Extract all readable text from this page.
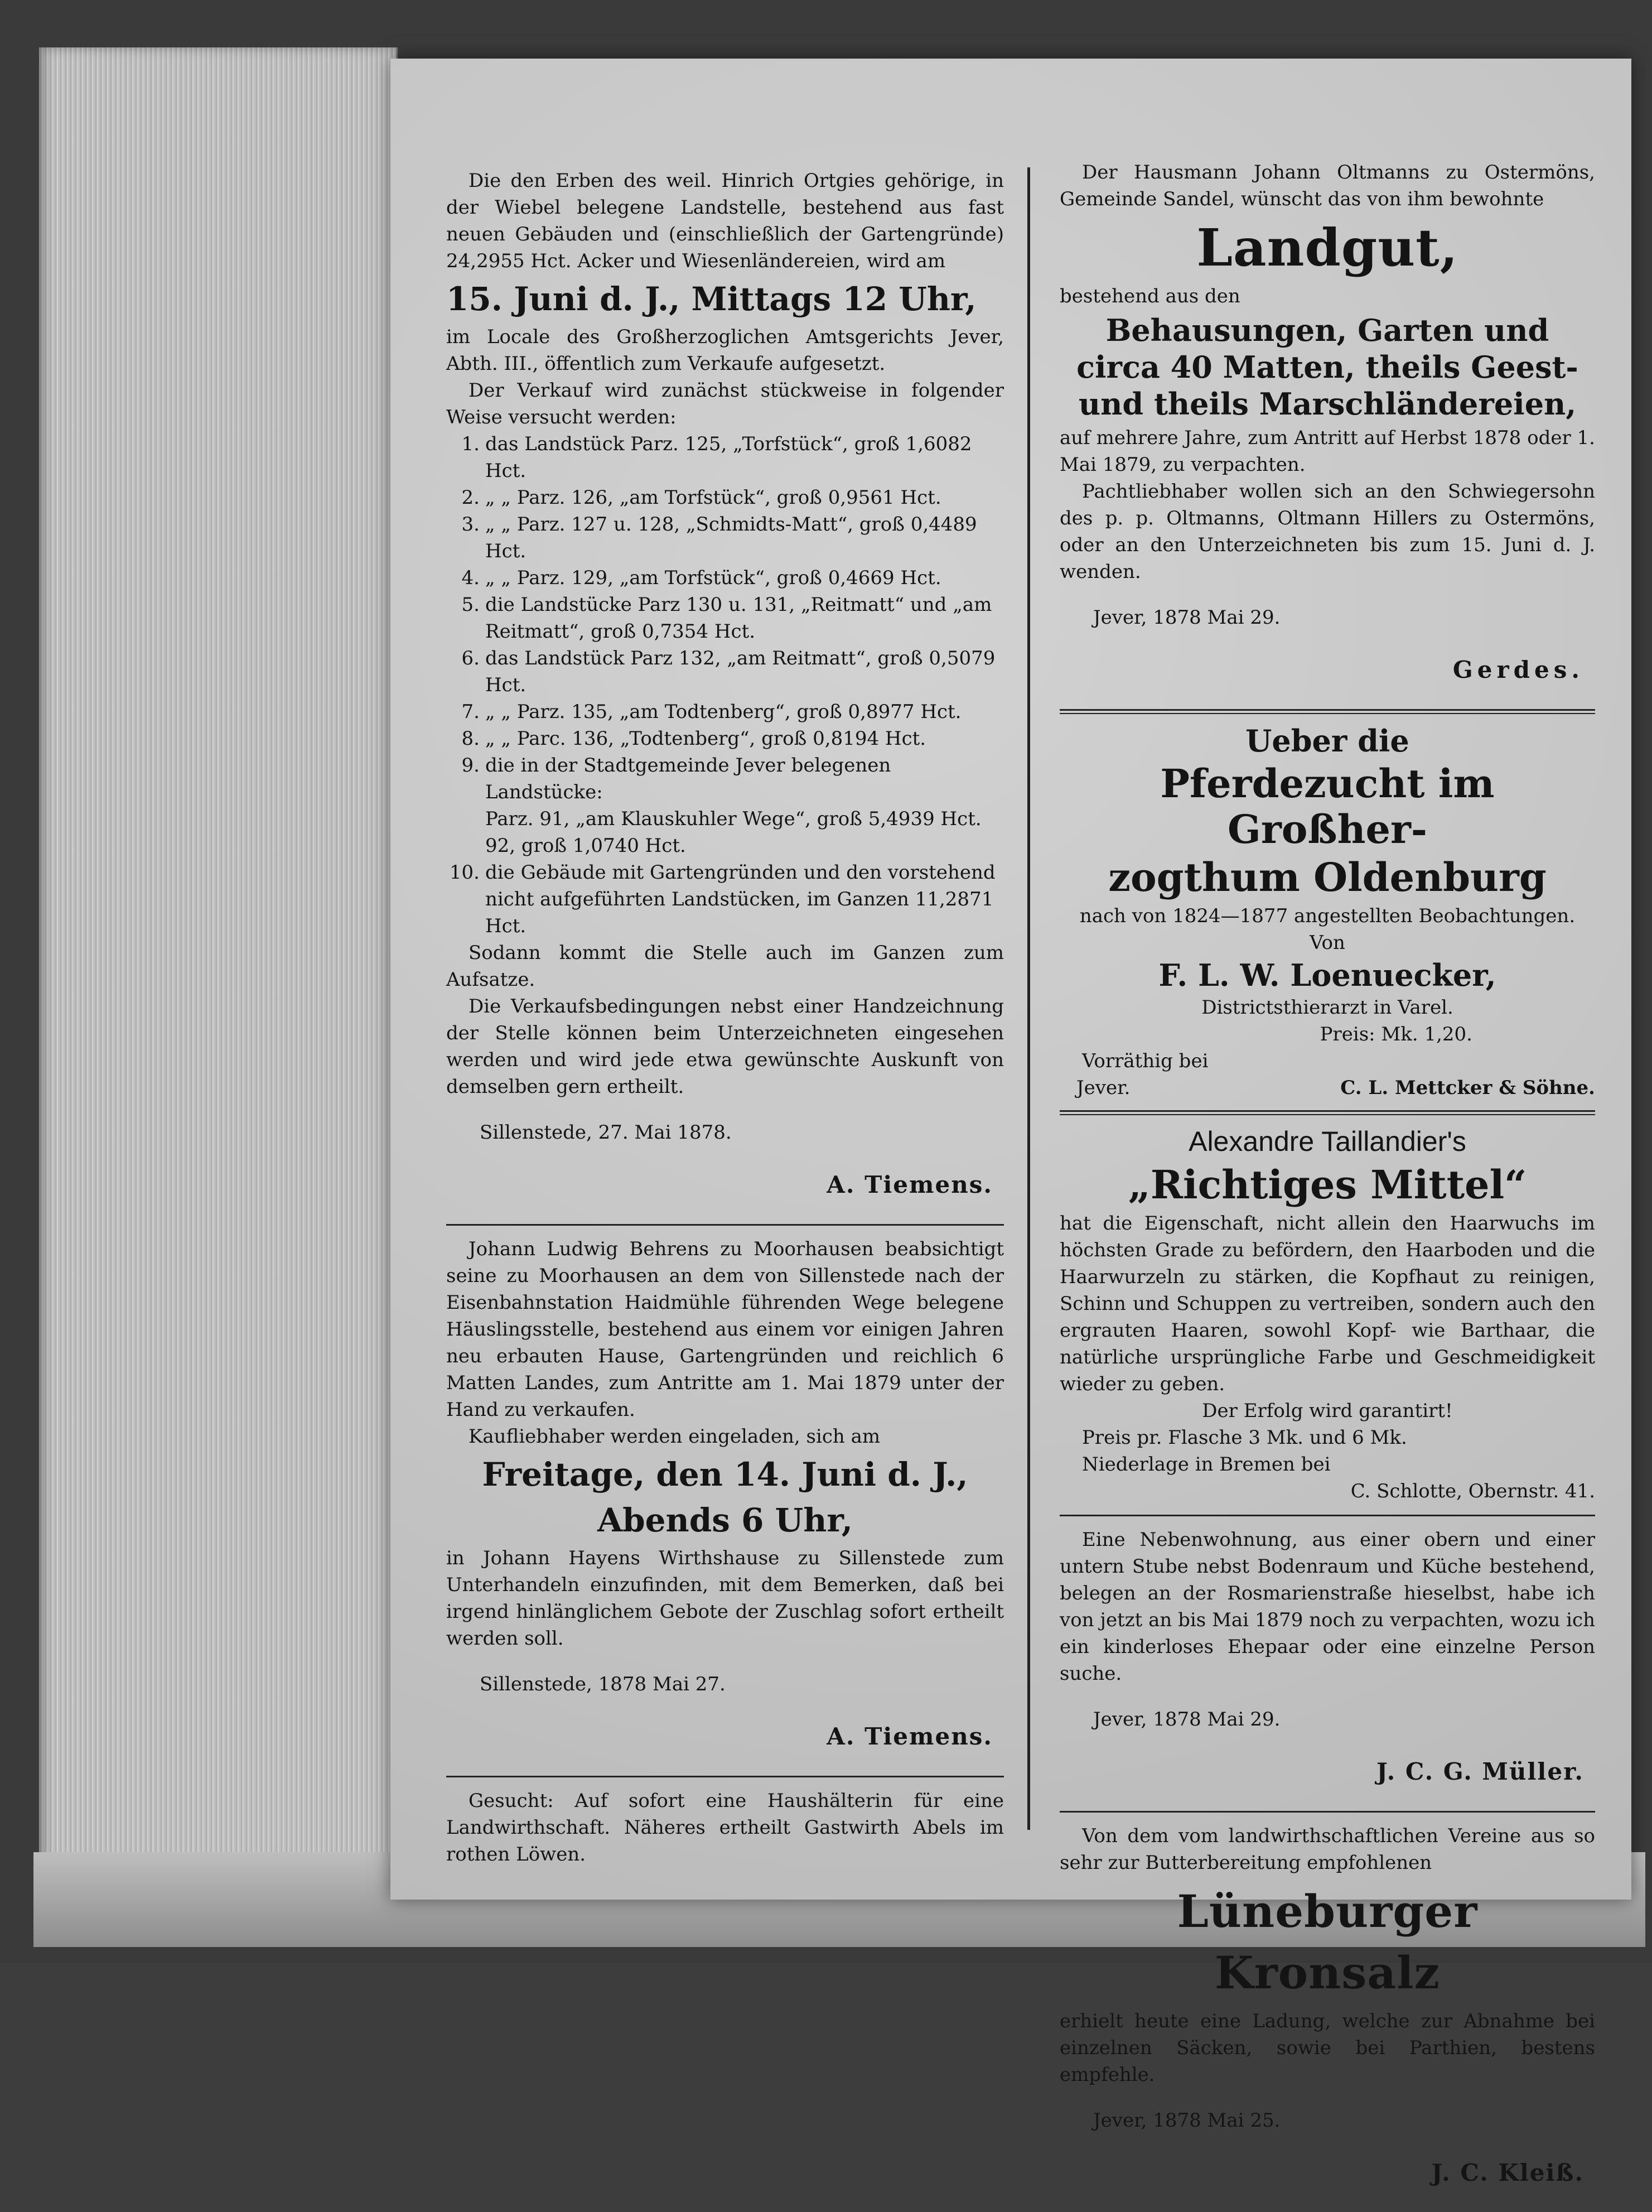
Die den Erben des weil. Hinrich Ortgies gehörige, in der Wiebel belegene Landstelle, bestehend aus fast neuen Gebäuden und (einschließlich der Gartengründe) 24,2955 Hct. Acker und Wiesenländereien, wird am

15. Juni d. J., Mittags 12 Uhr,

im Locale des Großherzoglichen Amtsgerichts Jever, Abth. III., öffentlich zum Verkaufe aufgesetzt.

Der Verkauf wird zunächst stückweise in folgender Weise versucht werden:

1. das Landstück Parz. 125, „Torfstück“, groß 1,6082 Hct.
2. „ „ Parz. 126, „am Torfstück“, groß 0,9561 Hct.
3. „ „ Parz. 127 u. 128, „Schmidts-Matt“, groß 0,4489 Hct.
4. „ „ Parz. 129, „am Torfstück“, groß 0,4669 Hct.
5. die Landstücke Parz 130 u. 131, „Reitmatt“ und „am Reitmatt“, groß 0,7354 Hct.
6. das Landstück Parz 132, „am Reitmatt“, groß 0,5079 Hct.
7. „ „ Parz. 135, „am Todtenberg“, groß 0,8977 Hct.
8. „ „ Parc. 136, „Todtenberg“, groß 0,8194 Hct.
9. die in der Stadtgemeinde Jever belegenen Landstücke:
Parz. 91, „am Klauskuhler Wege“, groß 5,4939 Hct.
92, groß 1,0740 Hct.
10. die Gebäude mit Gartengründen und den vorstehend nicht aufgeführten Landstücken, im Ganzen 11,2871 Hct.

Sodann kommt die Stelle auch im Ganzen zum Aufsatze.

Die Verkaufsbedingungen nebst einer Handzeichnung der Stelle können beim Unterzeichneten eingesehen werden und wird jede etwa gewünschte Auskunft von demselben gern ertheilt.

Sillenstede, 27. Mai 1878.

A. Tiemens.

Johann Ludwig Behrens zu Moorhausen beabsichtigt seine zu Moorhausen an dem von Sillenstede nach der Eisenbahnstation Haidmühle führenden Wege belegene Häuslingsstelle, bestehend aus einem vor einigen Jahren neu erbauten Hause, Gartengründen und reichlich 6 Matten Landes, zum Antritte am 1. Mai 1879 unter der Hand zu verkaufen.

Kaufliebhaber werden eingeladen, sich am

Freitage, den 14. Juni d. J.,

Abends 6 Uhr,

in Johann Hayens Wirthshause zu Sillenstede zum Unterhandeln einzufinden, mit dem Bemerken, daß bei irgend hinlänglichem Gebote der Zuschlag sofort ertheilt werden soll.

Sillenstede, 1878 Mai 27.

A. Tiemens.

Gesucht: Auf sofort eine Haushälterin für eine Landwirthschaft. Näheres ertheilt Gastwirth Abels im rothen Löwen.

Der Hausmann Johann Oltmanns zu Ostermöns, Gemeinde Sandel, wünscht das von ihm bewohnte

Landgut,

bestehend aus den

Behausungen, Garten und circa 40 Matten, theils Geest- und theils Marschländereien,

auf mehrere Jahre, zum Antritt auf Herbst 1878 oder 1. Mai 1879, zu verpachten.

Pachtliebhaber wollen sich an den Schwiegersohn des p. p. Oltmanns, Oltmann Hillers zu Ostermöns, oder an den Unterzeichneten bis zum 15. Juni d. J. wenden.

Jever, 1878 Mai 29.

Gerdes.

Ueber die

Pferdezucht im Großher-

zogthum Oldenburg

nach von 1824—1877 angestellten Beobachtungen.

Von

F. L. W. Loenuecker,

Districtsthierarzt in Varel.

Preis: Mk. 1,20.

Vorräthig bei

Jever.	C. L. Mettcker & Söhne.

Alexandre Taillandier's

„Richtiges Mittel“

hat die Eigenschaft, nicht allein den Haarwuchs im höchsten Grade zu befördern, den Haarboden und die Haarwurzeln zu stärken, die Kopfhaut zu reinigen, Schinn und Schuppen zu vertreiben, sondern auch den ergrauten Haaren, sowohl Kopf- wie Barthaar, die natürliche ursprüngliche Farbe und Geschmeidigkeit wieder zu geben.

Der Erfolg wird garantirt!

Preis pr. Flasche 3 Mk. und 6 Mk.

Niederlage in Bremen bei

C. Schlotte, Obernstr. 41.

Eine Nebenwohnung, aus einer obern und einer untern Stube nebst Bodenraum und Küche bestehend, belegen an der Rosmarienstraße hieselbst, habe ich von jetzt an bis Mai 1879 noch zu verpachten, wozu ich ein kinderloses Ehepaar oder eine einzelne Person suche.

Jever, 1878 Mai 29.

J. C. G. Müller.

Von dem vom landwirthschaftlichen Vereine aus so sehr zur Butterbereitung empfohlenen

Lüneburger Kronsalz

erhielt heute eine Ladung, welche zur Abnahme bei einzelnen Säcken, sowie bei Parthien, bestens empfehle.

Jever, 1878 Mai 25.

J. C. Kleiß.
